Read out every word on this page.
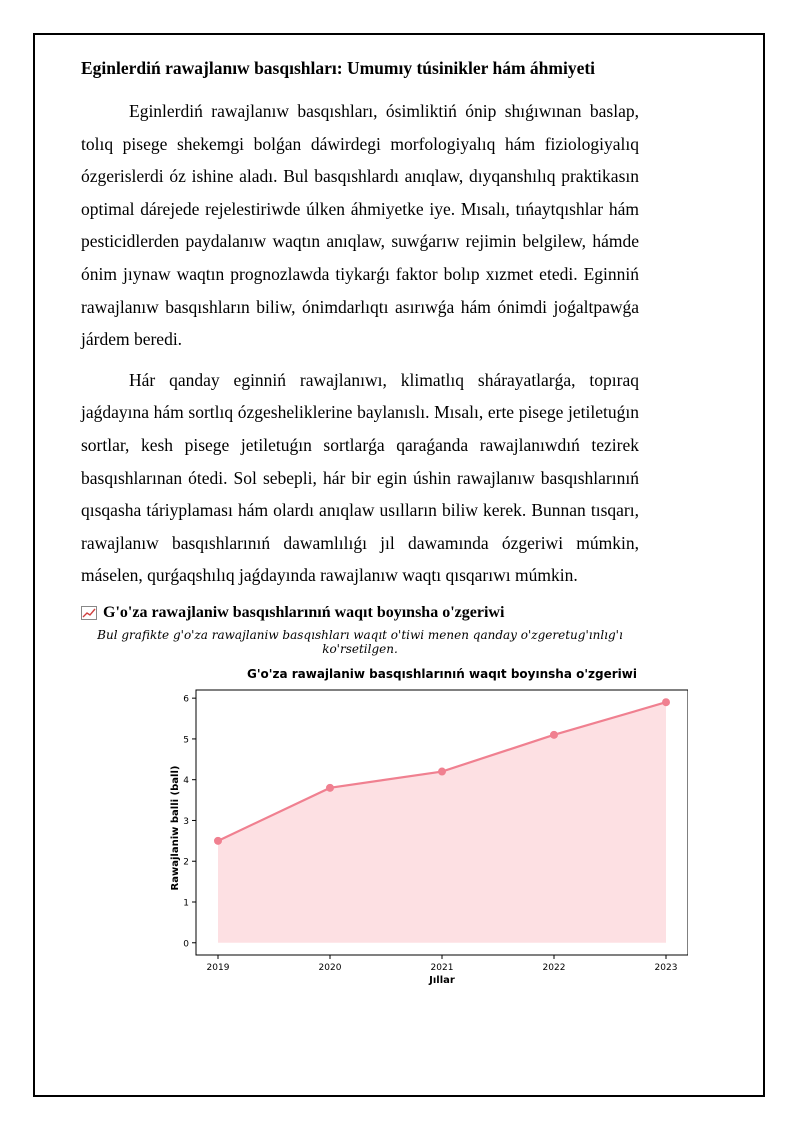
Eginlerdiń rawajlanıw basqıshları: Umumıy túsinikler hám áhmiyeti

Eginlerdiń rawajlanıw basqıshları, ósimliktiń ónip shıǵıwınan baslap, tolıq pisege shekemgi bolǵan dáwirdegi morfologiyalıq hám fiziologiyalıq ózgerislerdi óz ishine aladı. Bul basqıshlardı anıqlaw, dıyqanshılıq praktikasın optimal dárejede rejelestiriwde úlken áhmiyetke iye. Mısalı, tıńaytqıshlar hám pesticidlerden paydalanıw waqtın anıqlaw, suwǵarıw rejimin belgilew, hámde ónim jıynaw waqtın prognozlawda tiykarǵı faktor bolıp xızmet etedi. Eginniń rawajlanıw basqıshların biliw, ónimdarlıqtı asırıwǵa hám ónimdi joǵaltpawǵa járdem beredi.

Hár qanday eginniń rawajlanıwı, klimatlıq shárayatlarǵa, topıraq jaǵdayına hám sortlıq ózgesheliklerine baylanıslı. Mısalı, erte pisege jetiletuǵın sortlar, kesh pisege jetiletuǵın sortlarǵa qaraǵanda rawajlanıwdıń tezirek basqıshlarınan ótedi. Sol sebepli, hár bir egin úshin rawajlanıw basqıshlarınıń qısqasha táriyplaması hám olardı anıqlaw usılların biliw kerek. Bunnan tısqarı, rawajlanıw basqıshlarınıń dawamlılıǵı jıl dawamında ózgeriwi múmkin, máselen, qurǵaqshılıq jaǵdayında rawajlanıw waqtı qısqarıwı múmkin.

G'o'za rawajlaniw basqıshlarınıń waqıt boyınsha o'zgeriwi

Bul grafikte g'o'za rawajlaniw basqıshları waqıt o'tiwi menen qanday o'zgeretug'ınlıg'ı ko'rsetilgen.

G'o'za rawajlaniw basqıshlarınıń waqıt boyınsha o'zgeriwi
Jıllar
Rawajlaniw balli (ball)
0
1
2
3
4
5
6
2019	2020	2021	2022	2023
